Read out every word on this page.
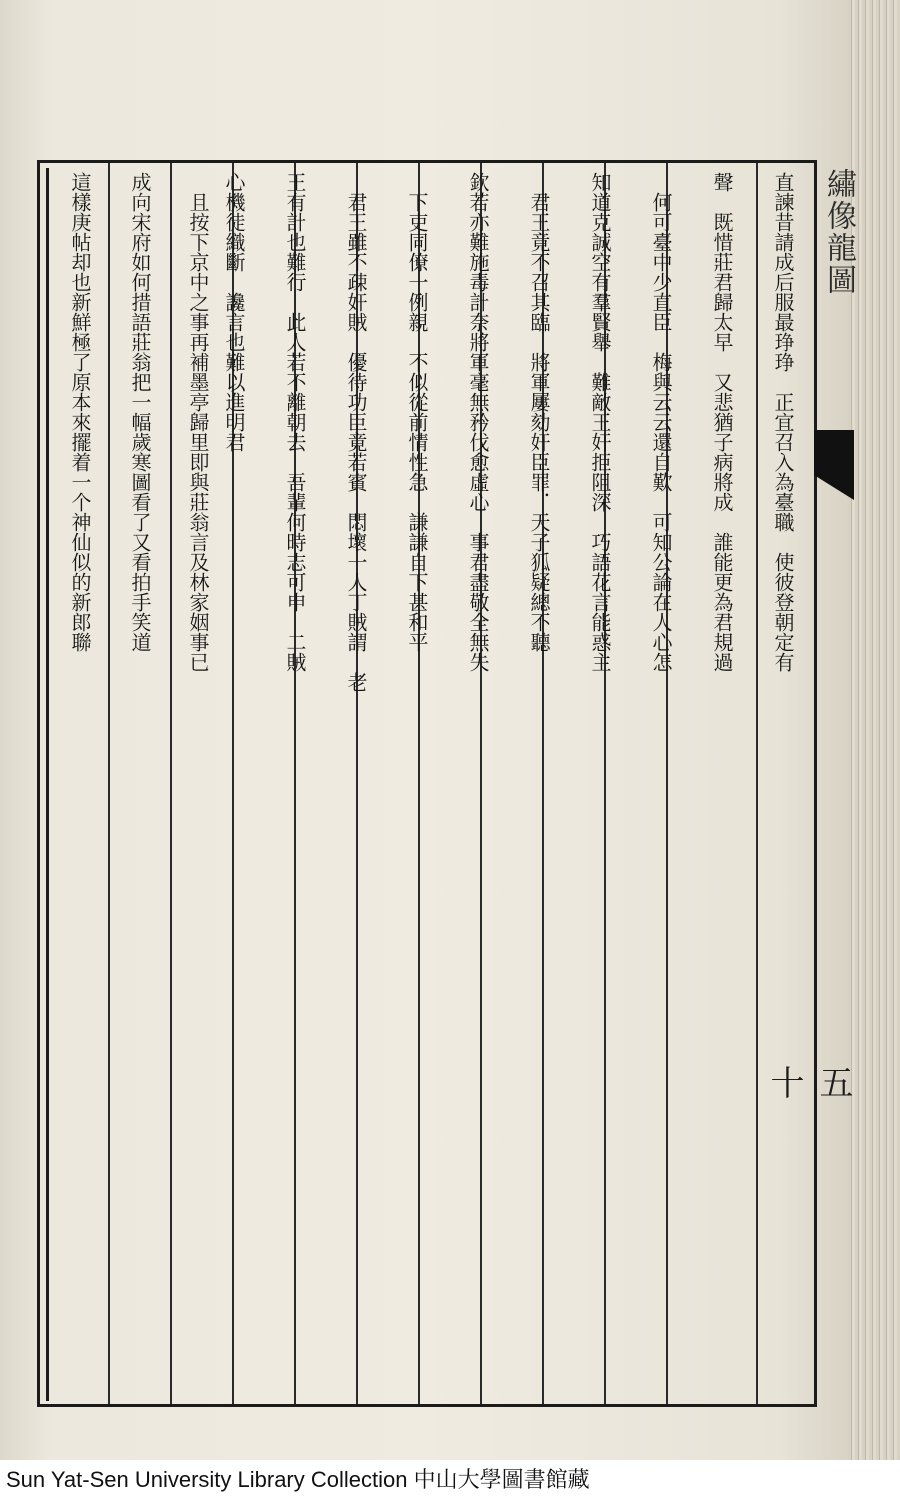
直諫昔請成后服最琤琤　正宜召入為臺職　使彼登朝定有
聲　既惜莊君歸太早　又悲猶子病將成　誰能更為君規過
　何可臺中少直臣　梅與云云還自歎　可知公論在人心怎
知道克誠空有羣賢舉　難敵王奸拒阻深　巧語花言能惑主
　君王竟不召其臨　將軍屢劾奸臣罪．天子狐疑總不聽
欽若亦難施毒計奈將軍毫無矜伐愈虛心　事君盡敬全無失
　下吏同僚一例親　不似從前情性急　謙謙自下甚和平
　君王雖不疎奸賊　優待功臣竟若賓　悶壞一人丁賊謂　老
王有計也難行　此人若不離朝去　吾輩何時志可申　二賊
心機徒織斷　讒言也難以進明君
　且按下京中之事再補墨亭歸里即與莊翁言及林家姻事已
成向宋府如何措語莊翁把一幅歲寒圖看了又看拍手笑道
這樣庚帖却也新鮮極了原本來擺着一个神仙似的新郎聯	繡像龍圖
五十
Sun Yat-Sen University Library Collection 中山大學圖書館藏
